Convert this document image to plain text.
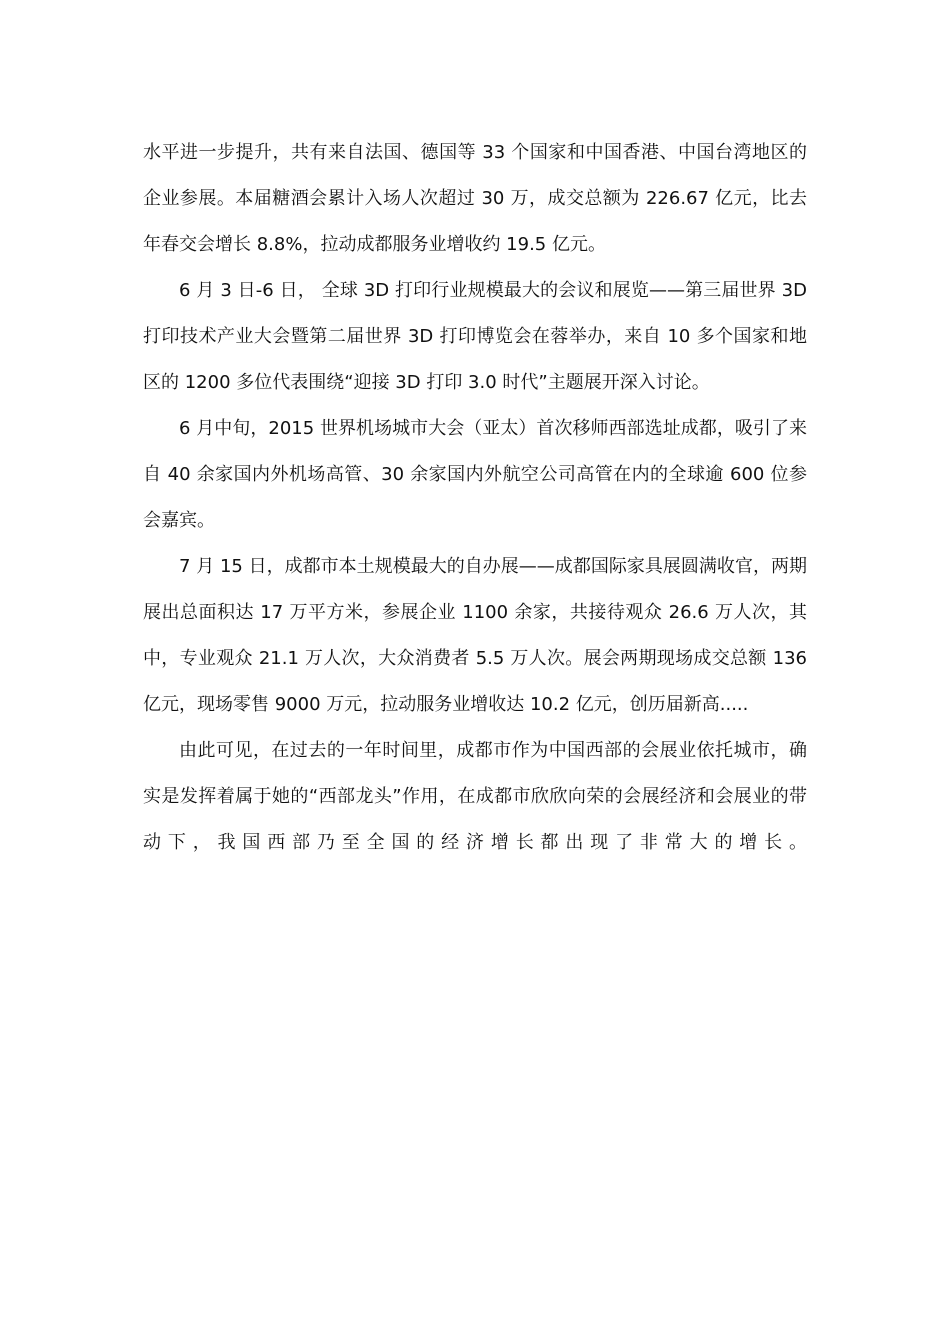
水平进一步提升，共有来自法国、德国等 33 个国家和中国香港、中国台湾地区的企业参展。本届糖酒会累计入场人次超过 30 万，成交总额为 226.67 亿元，比去年春交会增长 8.8%，拉动成都服务业增收约 19.5 亿元。

6 月 3 日-6 日， 全球 3D 打印行业规模最大的会议和展览——第三届世界 3D 打印技术产业大会暨第二届世界 3D 打印博览会在蓉举办，来自 10 多个国家和地区的 1200 多位代表围绕“迎接 3D 打印 3.0 时代”主题展开深入讨论。

6 月中旬，2015 世界机场城市大会（亚太）首次移师西部选址成都，吸引了来自 40 余家国内外机场高管、30 余家国内外航空公司高管在内的全球逾 600 位参会嘉宾。

7 月 15 日，成都市本土规模最大的自办展——成都国际家具展圆满收官，两期展出总面积达 17 万平方米，参展企业 1100 余家，共接待观众 26.6 万人次，其中，专业观众 21.1 万人次，大众消费者 5.5 万人次。展会两期现场成交总额 136 亿元，现场零售 9000 万元，拉动服务业增收达 10.2 亿元，创历届新高.....

由此可见，在过去的一年时间里，成都市作为中国西部的会展业依托城市，确实是发挥着属于她的“西部龙头”作用，在成都市欣欣向荣的会展经济和会展业的带动下，我国西部乃至全国的经济增长都出现了非常大的增长。
